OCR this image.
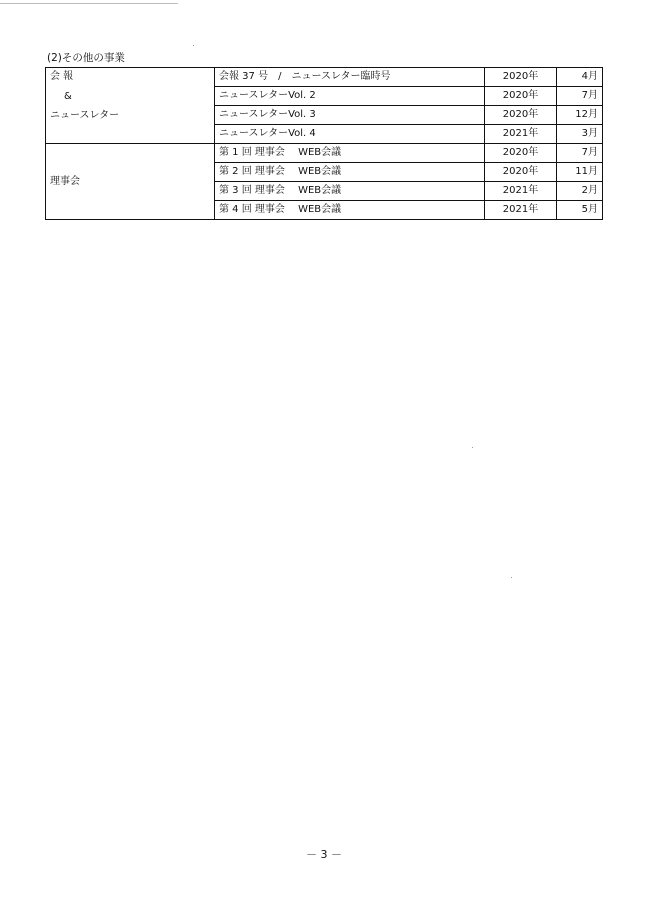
(2)その他の事業
会 報
&
ニュースレター	会報 37 号　/　ニュースレター臨時号	2020年	4月
	ニュースレターVol. 2	2020年	7月
	ニュースレターVol. 3	2020年	12月
	ニュースレターVol. 4	2021年	3月
理事会	第 1 回 理事会　 WEB会議	2020年	7月
	第 2 回 理事会　 WEB会議	2020年	11月
	第 3 回 理事会　 WEB会議	2021年	2月
	第 4 回 理事会　 WEB会議	2021年	5月
－ 3 －
